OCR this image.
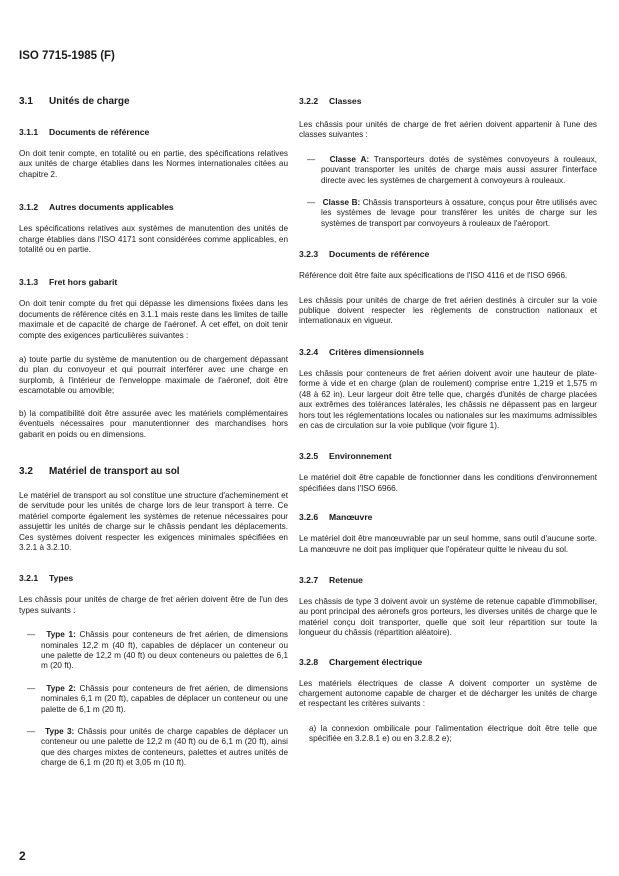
ISO 7715-1985 (F)
3.1 Unités de charge
3.1.1 Documents de référence

On doit tenir compte, en totalité ou en partie, des spécifications relatives aux unités de charge établies dans les Normes internationales citées au chapitre 2.

3.1.2 Autres documents applicables

Les spécifications relatives aux systèmes de manutention des unités de charge établies dans l'ISO 4171 sont considérées comme applicables, en totalité ou en partie.

3.1.3 Fret hors gabarit

On doit tenir compte du fret qui dépasse les dimensions fixées dans les documents de référence cités en 3.1.1 mais reste dans les limites de taille maximale et de capacité de charge de l'aéronef. À cet effet, on doit tenir compte des exigences particulières suivantes :

a) toute partie du système de manutention ou de chargement dépassant du plan du convoyeur et qui pourrait interférer avec une charge en surplomb, à l'intérieur de l'enveloppe maximale de l'aéronef, doit être escamotable ou amovible;
b) la compatibilité doit être assurée avec les matériels complémentaires éventuels nécessaires pour manutentionner des marchandises hors gabarit en poids ou en dimensions.
3.2 Matériel de transport au sol

Le matériel de transport au sol constitue une structure d'acheminement et de servitude pour les unités de charge lors de leur transport à terre. Ce matériel comporte également les systèmes de retenue nécessaires pour assujettir les unités de charge sur le châssis pendant les déplacements. Ces systèmes doivent respecter les exigences minimales spécifiées en 3.2.1 à 3.2.10.

3.2.1 Types

Les châssis pour unités de charge de fret aérien doivent être de l'un des types suivants :

—   Type 1: Châssis pour conteneurs de fret aérien, de dimensions nominales 12,2 m (40 ft), capables de déplacer un conteneur ou une palette de 12,2 m (40 ft) ou deux conteneurs ou palettes de 6,1 m (20 ft).
—   Type 2: Châssis pour conteneurs de fret aérien, de dimensions nominales 6,1 m (20 ft), capables de déplacer un conteneur ou une palette de 6,1 m (20 ft).
—   Type 3: Châssis pour unités de charge capables de déplacer un conteneur ou une palette de 12,2 m (40 ft) ou de 6,1 m (20 ft), ainsi que des charges mixtes de conteneurs, palettes et autres unités de charge de 6,1 m (20 ft) et 3,05 m (10 ft).
3.2.2 Classes

Les châssis pour unités de charge de fret aérien doivent appartenir à l'une des classes suivantes :

—   Classe A: Transporteurs dotés de systèmes convoyeurs à rouleaux, pouvant transporter les unités de charge mais aussi assurer l'interface directe avec les systèmes de chargement à convoyeurs à rouleaux.
—   Classe B: Châssis transporteurs à ossature, conçus pour être utilisés avec les systèmes de levage pour transférer les unités de charge sur les systèmes de transport par convoyeurs à rouleaux de l'aéroport.
3.2.3 Documents de référence

Référence doit être faite aux spécifications de l'ISO 4116 et de l'ISO 6966.

Les châssis pour unités de charge de fret aérien destinés à circuler sur la voie publique doivent respecter les règlements de construction nationaux et internationaux en vigueur.

3.2.4 Critères dimensionnels

Les châssis pour conteneurs de fret aérien doivent avoir une hauteur de plate-forme à vide et en charge (plan de roulement) comprise entre 1,219 et 1,575 m (48 à 62 in). Leur largeur doit être telle que, chargés d'unités de charge placées aux extrêmes des tolérances latérales, les châssis ne dépassent pas en largeur hors tout les réglementations locales ou nationales sur les maximums admissibles en cas de circulation sur la voie publique (voir figure 1).

3.2.5 Environnement

Le matériel doit être capable de fonctionner dans les conditions d'environnement spécifiées dans l'ISO 6966.

3.2.6 Manœuvre

Le matériel doit être manœuvrable par un seul homme, sans outil d'aucune sorte. La manœuvre ne doit pas impliquer que l'opérateur quitte le niveau du sol.

3.2.7 Retenue

Les châssis de type 3 doivent avoir un système de retenue capable d'immobiliser, au pont principal des aéronefs gros porteurs, les diverses unités de charge que le matériel conçu doit transporter, quelle que soit leur répartition sur toute la longueur du châssis (répartition aléatoire).

3.2.8 Chargement électrique

Les matériels électriques de classe A doivent comporter un système de chargement autonome capable de charger et de décharger les unités de charge et respectant les critères suivants :

a) la connexion ombilicale pour l'alimentation électrique doit être telle que spécifiée en 3.2.8.1 e) ou en 3.2.8.2 e);
2
